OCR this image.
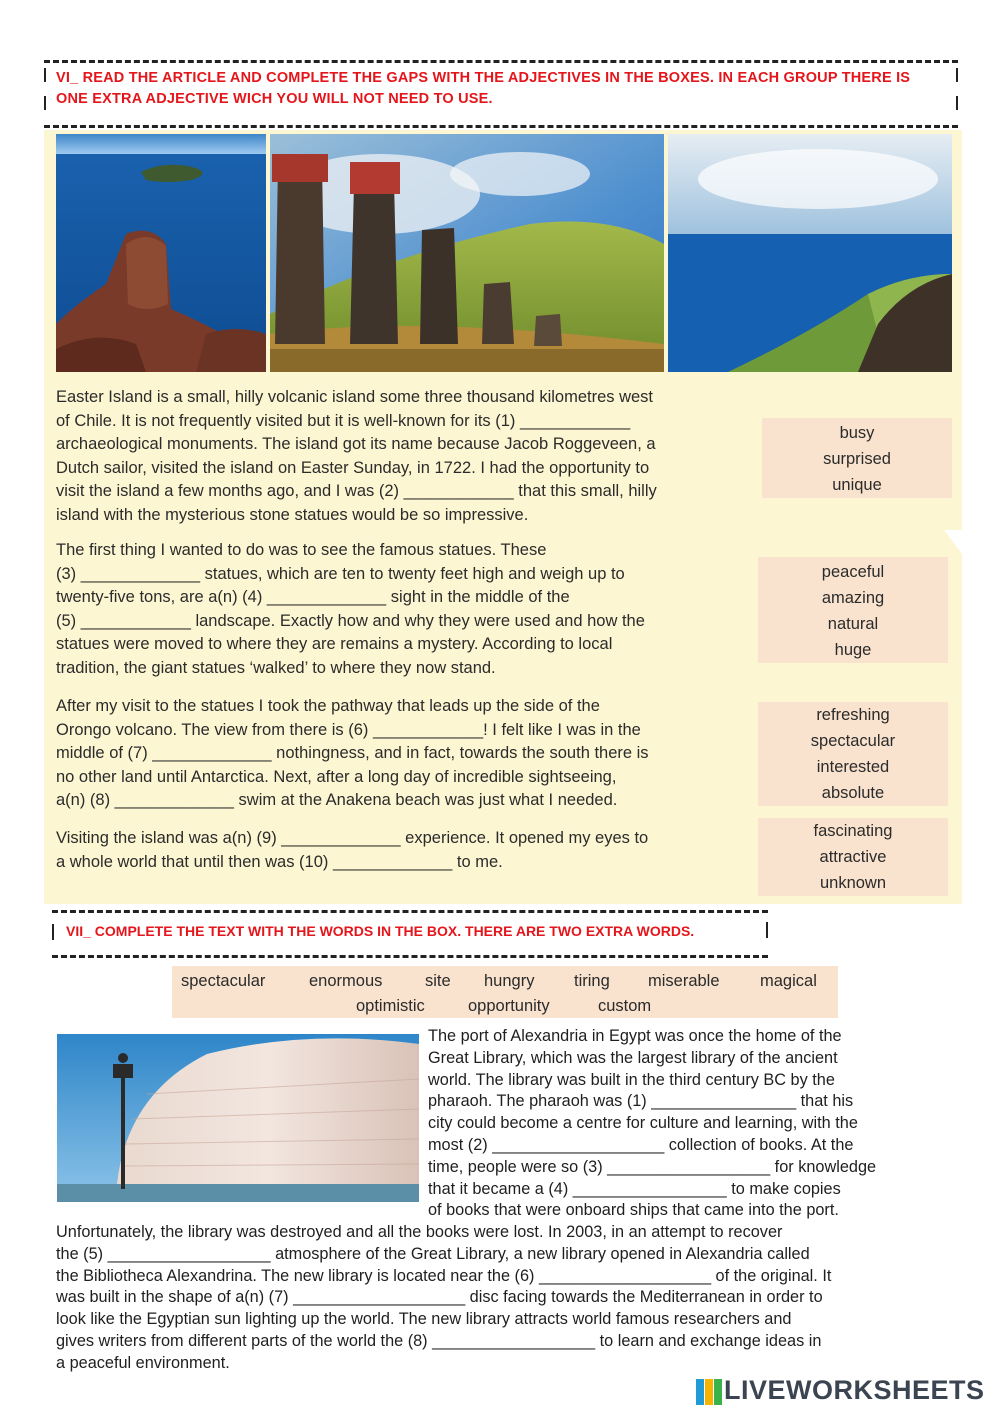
VI_ READ THE ARTICLE AND COMPLETE THE GAPS WITH THE ADJECTIVES IN THE BOXES. IN EACH GROUP THERE IS
ONE EXTRA ADJECTIVE WICH YOU WILL NOT NEED TO USE.
Easter Island is a small, hilly volcanic island some three thousand kilometres west
of Chile. It is not frequently visited but it is well-known for its (1) ____________
archaeological monuments. The island got its name because Jacob Roggeveen, a
Dutch sailor, visited the island on Easter Sunday, in 1722. I had the opportunity to
visit the island a few months ago, and I was (2) ____________ that this small, hilly
island with the mysterious stone statues would be so impressive.
busy
surprised
unique
The first thing I wanted to do was to see the famous statues. These
(3) _____________ statues, which are ten to twenty feet high and weigh up to
twenty-five tons, are a(n) (4) _____________ sight in the middle of the
(5) ____________ landscape. Exactly how and why they were used and how the
statues were moved to where they are remains a mystery. According to local
tradition, the giant statues ‘walked’ to where they now stand.
peaceful
amazing
natural
huge
After my visit to the statues I took the pathway that leads up the side of the
Orongo volcano. The view from there is (6) ____________! I felt like I was in the
middle of (7) _____________ nothingness, and in fact, towards the south there is
no other land until Antarctica. Next, after a long day of incredible sightseeing,
a(n) (8) _____________ swim at the Anakena beach was just what I needed.
refreshing
spectacular
interested
absolute
Visiting the island was a(n) (9) _____________ experience. It opened my eyes to
a whole world that until then was (10) _____________ to me.
fascinating
attractive
unknown
VII_ COMPLETE THE TEXT WITH THE WORDS IN THE BOX. THERE ARE TWO EXTRA WORDS.
spectacular	enormous	site hungry tiring miserable magical
optimistic	opportunity	custom
The port of Alexandria in Egypt was once the home of the
Great Library, which was the largest library of the ancient
world. The library was built in the third century BC by the
pharaoh. The pharaoh was (1) ________________ that his
city could become a centre for culture and learning, with the
most (2) ___________________ collection of books. At the
time, people were so (3) __________________ for knowledge
that it became a (4) _________________ to make copies
of books that were onboard ships that came into the port.
Unfortunately, the library was destroyed and all the books were lost. In 2003, in an attempt to recover
the (5) __________________ atmosphere of the Great Library, a new library opened in Alexandria called
the Bibliotheca Alexandrina. The new library is located near the (6) ___________________ of the original. It
was built in the shape of a(n) (7) ___________________ disc facing towards the Mediterranean in order to
look like the Egyptian sun lighting up the world. The new library attracts world famous researchers and
gives writers from different parts of the world the (8) __________________ to learn and exchange ideas in
a peaceful environment.
LIVEWORKSHEETS
